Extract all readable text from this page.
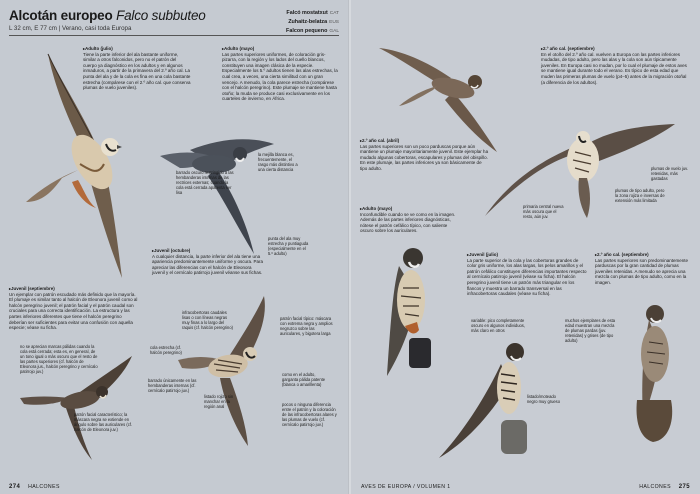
Alcotán europeo Falco subbuteo
L 32 cm, E 77 cm | Verano, casi toda Europa
Falcó mostatxut CAT
Zuhaitz-belatza EUS
Falcon pequeno GAL
▸ Adulto (julio)
Tiene la parte inferior del ala bastante uniforme, similar a otros falconidos, pero no el patrón del cuerpo ya diagnóstico en los adultos y en algunos inmaduros, a partir de la primavera del 2.º año cal. La punta del ala y de la cola es fina en una cola bastante estrecha (compárese con el 2.º año cal. que conserva plumas de vuelo juveniles).
▸ Adulto (mayo)
Las partes superiores uniformes, de coloración gris-pizarra, con la región y los lados del cuello blancos, constituyen una imagen clásica de la especie. Especialmente los 5.º adultos tienen las alas estrechas, la cual crea, a veces, una cierta similitud con un gran vencejo. A menudo, la cola parece estrecha (compárese con el halcón peregrino). Este plumaje se mantiene hasta otoño; la muda se produce casi exclusivamente en los cuarteles de invierno, en África.
la mejilla blanca es, frecuentemente, el rasgo más distintivo a una cierta distancia
barrado oscuro restringido a las hembanderas internas de las rectrices externas; cuando la cola está cerrada aparenta ser lisa
punta del ala muy estrecha y puntiaguda (especialmente en el 5.º adulto)
▸ Juvenil (octubre)
A cualquier distancia, la parte inferior del ala tiene una apariencia predominantemente uniforme y oscura. Para apreciar las diferencias con el halcón de Eleonora juvenil y el cernícalo patirrojo juvenil véanse sus fichas.
▸ Juvenil (septiembre)
Un ejemplar con patrón escudado más definido que la mayoría. El plumaje es similar tanto al halcón de Eleonora juvenil como al halcón peregrino juvenil; el patrón facial y el patrón caudal son cruciales para una correcta identificación. La estructura y las partes inferiores diferentes que tiene el halcón peregrino deberían ser suficientes para evitar una confusión con aquella especie; véase su ficha.
no se aprecian marcas pálidas cuando la cola está cerrada; esta es, en general, de un tono igual o más oscuro que el resto de las partes superiores (cf. halcón de Eleonora jus., halcón peregrino y cernícalo patirrojo juv.)
patrón facial característico; la máscara negra se extiende en ángulo sobre las auriculares (cf. halcón de Eleonora juv.)
infracobertoras caudales lisas o con líneas negras muy finas a lo largo del raquis (cf. halcón peregrino)
cola estrecha (cf. halcón peregrino)
barrado únicamente en las hembanderas internas (cf. cernícalo patirrojo juv.)
listado rojizo sin manchar en la región anal
patrón facial típico: máscara con extrema negra y amplios negruzco sobre las auriculares, y bigotera larga
como en el adulto, garganta pálida patente (blanca o amarillenta)
pocos o ninguna diferencia entre el patrón y la coloración de las infracobertoras alares y las plumas de vuelo (cf. cernícalo patirrojo juv.)
274 HALCONES
▸ 2.º año cal. (septiembre)
En el otoño del 2.º año cal. vuelven a Europa con las partes inferiores mudadas, de tipo adulto, pero las alas y la cola son aún típicamente juveniles. En Europa casi no mudan, por lo cual el plumaje de estos aves se mantiene igual durante todo el verano. Es típico de esta edad que muden las primeras plumas de vuelo (p4–5) antes de la migración otoñal (a diferencia de los adultos).
▸ 2.º año cal. (abril)
Las partes superiores son un poco parduscas porque aún mantiene un plumaje mayoritariamente juvenil. Este ejemplar ha mudado algunas cobertoras, escapulares y plumas del obispillo. En este plumaje, las partes inferiores ya son básicamente de tipo adulto.
primaria central nueva más oscura que el resto, aún juv.
plumas de vuelo juv. retenidas, más gastadas
plumas de tipo adulto, pero la zona rojiza e inversas de extensión más limitada
▸ Adulto (mayo)
Inconfundible cuando se ve como en la imagen. Además de las partes inferiores diagnósticas, nótese el patrón cefálico típico, con saliente oscuro sobre los auriculares.
▸ Juvenil (julio)
La parte superior de la cola y las cobertoras grandes de color gris uniforme, los alas largas, los pelos amarillos y el patrón cefálico constituyen diferencias importantes respecto al cernícalo patirrojo juvenil (véase su ficha). El halcón peregrino juvenil tiene un patrón más triangular en los flancos y muestra un barrado transversal en las infracobertoras caudales (véase su ficha).
▸ 2.º año cal. (septiembre)
Las partes superiores son predominantemente parduscas por la gran cantidad de plumas juveniles retenidas. A menudo se aprecia una mezcla con plumas de tipo adulto, como en la imagen.
variable: pico completamente oscuro en algunos individuos, más claro en otros
listado/moteado negro muy grueso
muchos ejemplares de esta edad muestran una mezcla de plumas pardas (juv. retenidas) y grises (de tipo adulto)
AVES DE EUROPA / VOLUMEN 1	HALCONES 275
